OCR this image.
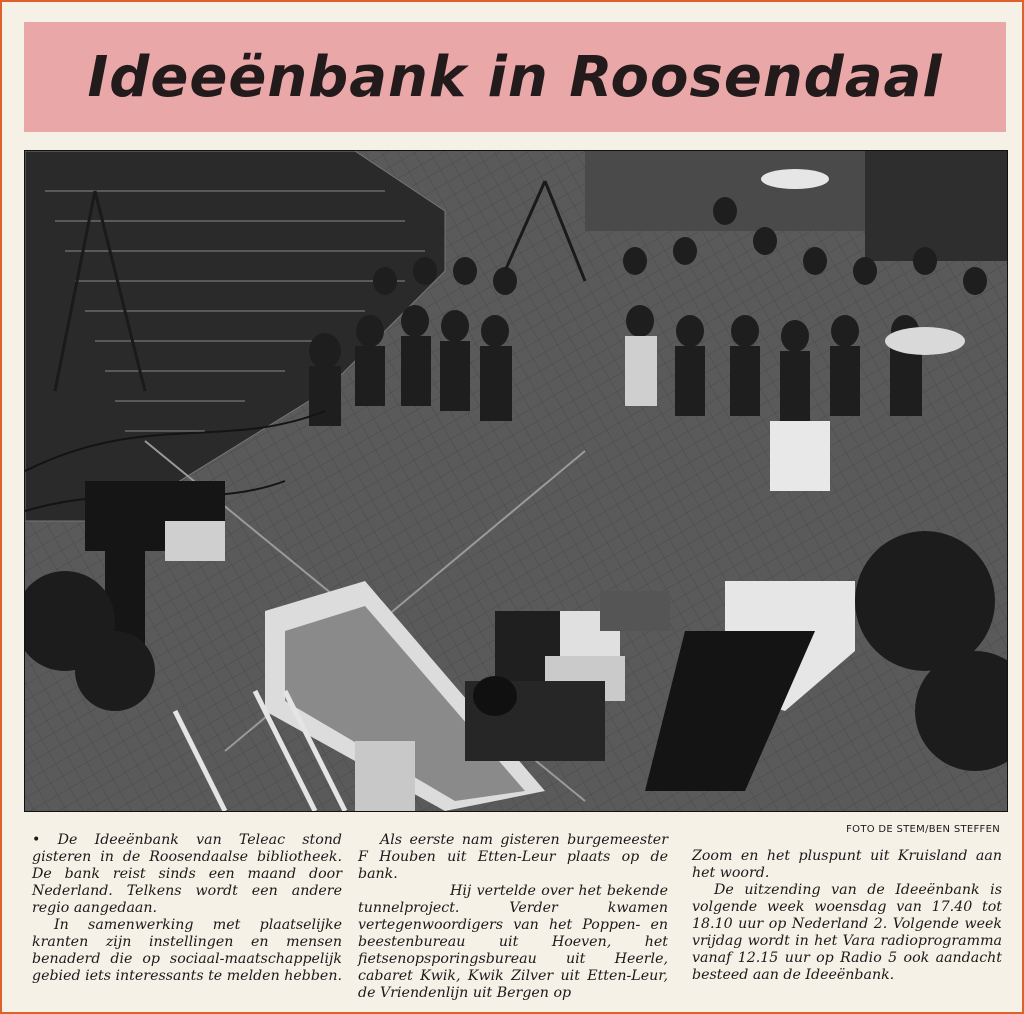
Ideeënbank in Roosendaal
FOTO DE STEM/BEN STEFFEN

• De Ideeënbank van Teleac stond gisteren in de Roosendaalse bibliotheek. De bank reist sinds een maand door Nederland. Telkens wordt een andere regio aangedaan.

In samenwerking met plaatselijke kranten zijn instellingen en mensen benaderd die op sociaal-maatschappelijk gebied iets interessants te melden hebben.

Als eerste nam gisteren burgemeester F Houben uit Etten-Leur plaats op de bank.

Hij vertelde over het bekende tunnelproject. Verder kwamen vertegenwoordigers van het Poppen- en beestenbureau uit Hoeven, het fietsenopsporingsbureau uit Heerle, cabaret Kwik, Kwik Zilver uit Etten-Leur, de Vriendenlijn uit Bergen op

Zoom en het pluspunt uit Kruisland aan het woord.

De uitzending van de Ideeënbank is volgende week woensdag van 17.40 tot 18.10 uur op Nederland 2. Volgende week vrijdag wordt in het Vara radioprogramma vanaf 12.15 uur op Radio 5 ook aandacht besteed aan de Ideeënbank.
